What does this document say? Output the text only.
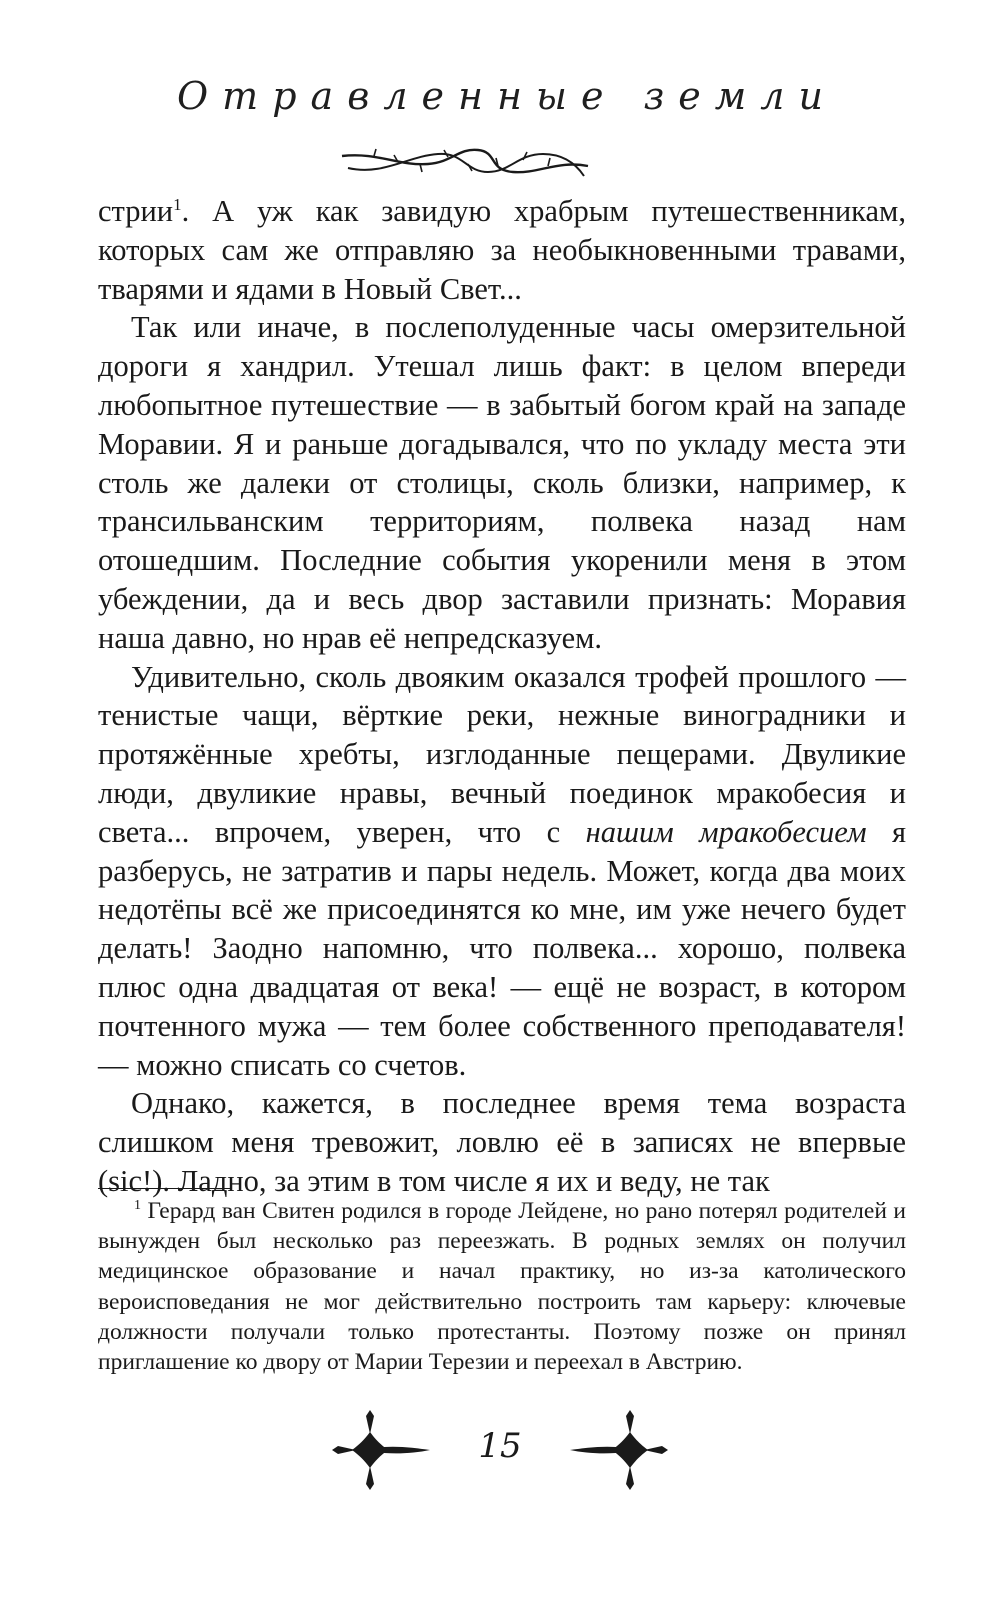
Отравленные земли

стрии$^1$. А уж как завидую храбрым путешественникам, которых сам же отправляю за необыкновенными травами, тварями и ядами в Новый Свет...

Так или иначе, в послеполуденные часы омерзительной дороги я хандрил. Утешал лишь факт: в целом впереди любопытное путешествие — в забытый богом край на западе Моравии. Я и раньше догадывался, что по укладу места эти столь же далеки от столицы, сколь близки, например, к трансильванским территориям, полвека назад нам отошедшим. Последние события укоренили меня в этом убеждении, да и весь двор заставили признать: Моравия наша давно, но нрав её непредсказуем.

Удивительно, сколь двояким оказался трофей прошлого — тенистые чащи, вёрткие реки, нежные виноградники и протяжённые хребты, изглоданные пещерами. Двуликие люди, двуликие нравы, вечный поединок мракобесия и света... впрочем, уверен, что с нашим мракобесием я разберусь, не затратив и пары недель. Может, когда два моих недотёпы всё же присоединятся ко мне, им уже нечего будет делать! Заодно напомню, что полвека... хорошо, полвека плюс одна двадцатая от века! — ещё не возраст, в котором почтенного мужа — тем более собственного преподавателя! — можно списать со счетов.

Однако, кажется, в последнее время тема возраста слишком меня тревожит, ловлю её в записях не впервые (sic!). Ладно, за этим в том числе я их и веду, не так

$^1$ Герард ван Свитен родился в городе Лейдене, но рано потерял родителей и вынужден был несколько раз переезжать. В родных землях он получил медицинское образование и начал практику, но из-за католического вероисповедания не мог действительно построить там карьеру: ключевые должности получали только протестанты. Поэтому позже он принял приглашение ко двору от Марии Терезии и переехал в Австрию.

15
